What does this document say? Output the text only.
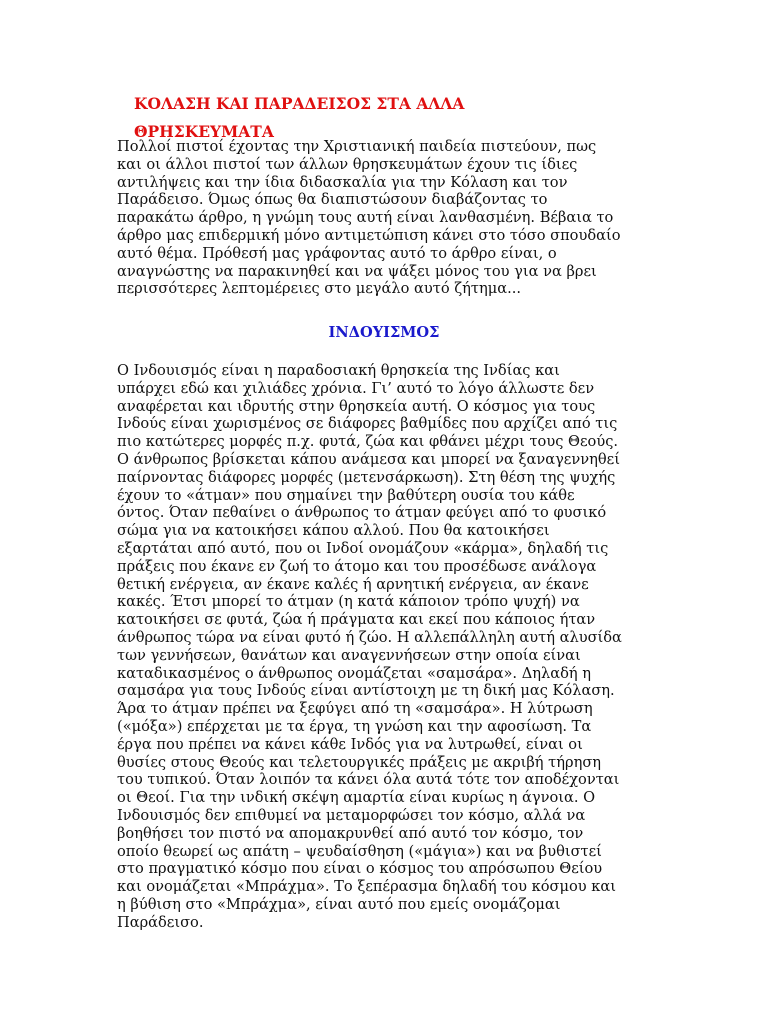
ΚΟΛΑΣΗ ΚΑΙ ΠΑΡΑΔΕΙΣΟΣ ΣΤΑ ΑΛΛΑ
ΘΡΗΣΚΕΥΜΑΤΑ
Πολλοί πιστοί έχοντας την Χριστιανική παιδεία πιστεύουν, πως
και οι άλλοι πιστοί των άλλων θρησκευμάτων έχουν τις ίδιες
αντιλήψεις και την ίδια διδασκαλία για την Κόλαση και τον
Παράδεισο. Όμως όπως θα διαπιστώσουν διαβάζοντας το
παρακάτω άρθρο, η γνώμη τους αυτή είναι λανθασμένη. Βέβαια το
άρθρο μας επιδερμική μόνο αντιμετώπιση κάνει στο τόσο σπουδαίο
αυτό θέμα. Πρόθεσή μας γράφοντας αυτό το άρθρο είναι, ο
αναγνώστης να παρακινηθεί και να ψάξει μόνος του για να βρει
περισσότερες λεπτομέρειες στο μεγάλο αυτό ζήτημα...
ΙΝΔΟΥΙΣΜΟΣ
Ο Ινδουισμός είναι η παραδοσιακή θρησκεία της Ινδίας και
υπάρχει εδώ και χιλιάδες χρόνια. Γι’ αυτό το λόγο άλλωστε δεν
αναφέρεται και ιδρυτής στην θρησκεία αυτή. Ο κόσμος για τους
Ινδούς είναι χωρισμένος σε διάφορες βαθμίδες που αρχίζει από τις
πιο κατώτερες μορφές π.χ. φυτά, ζώα και φθάνει μέχρι τους Θεούς.
Ο άνθρωπος βρίσκεται κάπου ανάμεσα και μπορεί να ξαναγεννηθεί
παίρνοντας διάφορες μορφές (μετενσάρκωση). Στη θέση της ψυχής
έχουν το «άτμαν» που σημαίνει την βαθύτερη ουσία του κάθε
όντος. Όταν πεθαίνει ο άνθρωπος το άτμαν φεύγει από το φυσικό
σώμα για να κατοικήσει κάπου αλλού. Που θα κατοικήσει
εξαρτάται από αυτό, που οι Ινδοί ονομάζουν «κάρμα», δηλαδή τις
πράξεις που έκανε εν ζωή το άτομο και του προσέδωσε ανάλογα
θετική ενέργεια, αν έκανε καλές ή αρνητική ενέργεια, αν έκανε
κακές. Έτσι μπορεί το άτμαν (η κατά κάποιον τρόπο ψυχή) να
κατοικήσει σε φυτά, ζώα ή πράγματα και εκεί που κάποιος ήταν
άνθρωπος τώρα να είναι φυτό ή ζώο. Η αλλεπάλληλη αυτή αλυσίδα
των γεννήσεων, θανάτων και αναγεννήσεων στην οποία είναι
καταδικασμένος ο άνθρωπος ονομάζεται «σαμσάρα». Δηλαδή η
σαμσάρα για τους Ινδούς είναι αντίστοιχη με τη δική μας Κόλαση.
Άρα το άτμαν πρέπει να ξεφύγει από τη «σαμσάρα». Η λύτρωση
(«μόξα») επέρχεται με τα έργα, τη γνώση και την αφοσίωση. Τα
έργα που πρέπει να κάνει κάθε Ινδός για να λυτρωθεί, είναι οι
θυσίες στους Θεούς και τελετουργικές πράξεις με ακριβή τήρηση
του τυπικού. Όταν λοιπόν τα κάνει όλα αυτά τότε τον αποδέχονται
οι Θεοί. Για την ινδική σκέψη αμαρτία είναι κυρίως η άγνοια. Ο
Ινδουισμός δεν επιθυμεί να μεταμορφώσει τον κόσμο, αλλά να
βοηθήσει τον πιστό να απομακρυνθεί από αυτό τον κόσμο, τον
οποίο θεωρεί ως απάτη – ψευδαίσθηση («μάγια») και να βυθιστεί
στο πραγματικό κόσμο που είναι ο κόσμος του απρόσωπου Θείου
και ονομάζεται «Μπράχμα». Το ξεπέρασμα δηλαδή του κόσμου και
η βύθιση στο «Μπράχμα», είναι αυτό που εμείς ονομάζομαι
Παράδεισο.
